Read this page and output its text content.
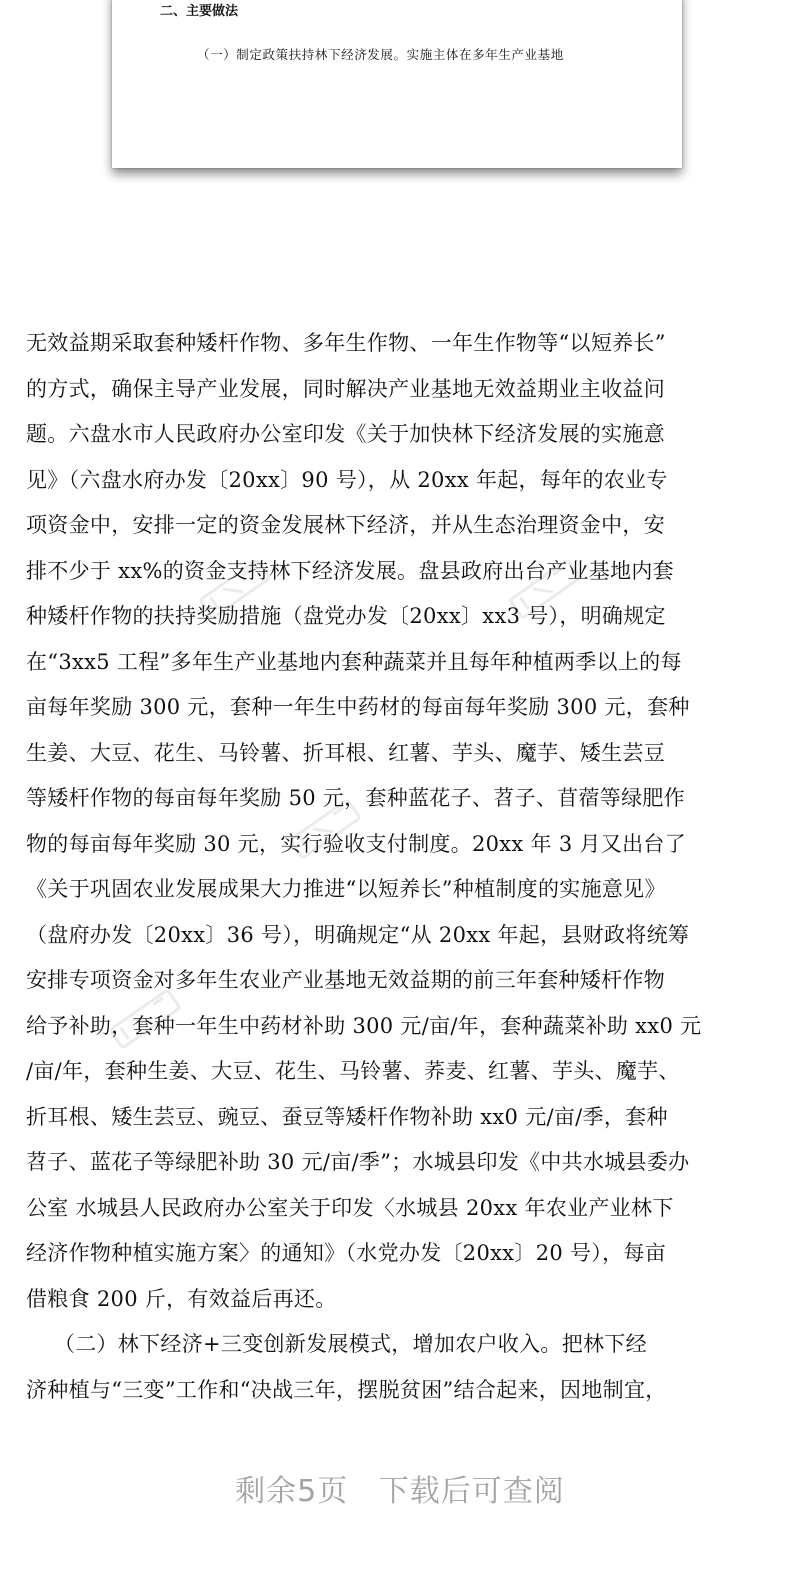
二、主要做法
（一）制定政策扶持林下经济发展。实施主体在多年生产业基地
无效益期采取套种矮杆作物、多年生作物、一年生作物等“以短养长”
的方式，确保主导产业发展，同时解决产业基地无效益期业主收益问
题。六盘水市人民政府办公室印发《关于加快林下经济发展的实施意
见》（六盘水府办发〔20xx〕90 号），从 20xx 年起，每年的农业专
项资金中，安排一定的资金发展林下经济，并从生态治理资金中，安
排不少于 xx%的资金支持林下经济发展。盘县政府出台产业基地内套
种矮杆作物的扶持奖励措施（盘党办发〔20xx〕xx3 号），明确规定
在“3xx5 工程”多年生产业基地内套种蔬菜并且每年种植两季以上的每
亩每年奖励 300 元，套种一年生中药材的每亩每年奖励 300 元，套种
生姜、大豆、花生、马铃薯、折耳根、红薯、芋头、魔芋、矮生芸豆
等矮杆作物的每亩每年奖励 50 元，套种蓝花子、苕子、苜蓿等绿肥作
物的每亩每年奖励 30 元，实行验收支付制度。20xx 年 3 月又出台了
《关于巩固农业发展成果大力推进“以短养长”种植制度的实施意见》
（盘府办发〔20xx〕36 号），明确规定“从 20xx 年起，县财政将统筹
安排专项资金对多年生农业产业基地无效益期的前三年套种矮杆作物
给予补助，套种一年生中药材补助 300 元/亩/年，套种蔬菜补助 xx0 元
/亩/年，套种生姜、大豆、花生、马铃薯、荞麦、红薯、芋头、魔芋、
折耳根、矮生芸豆、豌豆、蚕豆等矮杆作物补助 xx0 元/亩/季，套种
苕子、蓝花子等绿肥补助 30 元/亩/季”；水城县印发《中共水城县委办
公室 水城县人民政府办公室关于印发〈水城县 20xx 年农业产业林下
经济作物种植实施方案〉的通知》（水党办发〔20xx〕20 号），每亩
借粮食 200 斤，有效益后再还。
（二）林下经济+三变创新发展模式，增加农户收入。把林下经
济种植与“三变”工作和“决战三年，摆脱贫困”结合起来，因地制宜，
剩余5页 下载后可查阅
